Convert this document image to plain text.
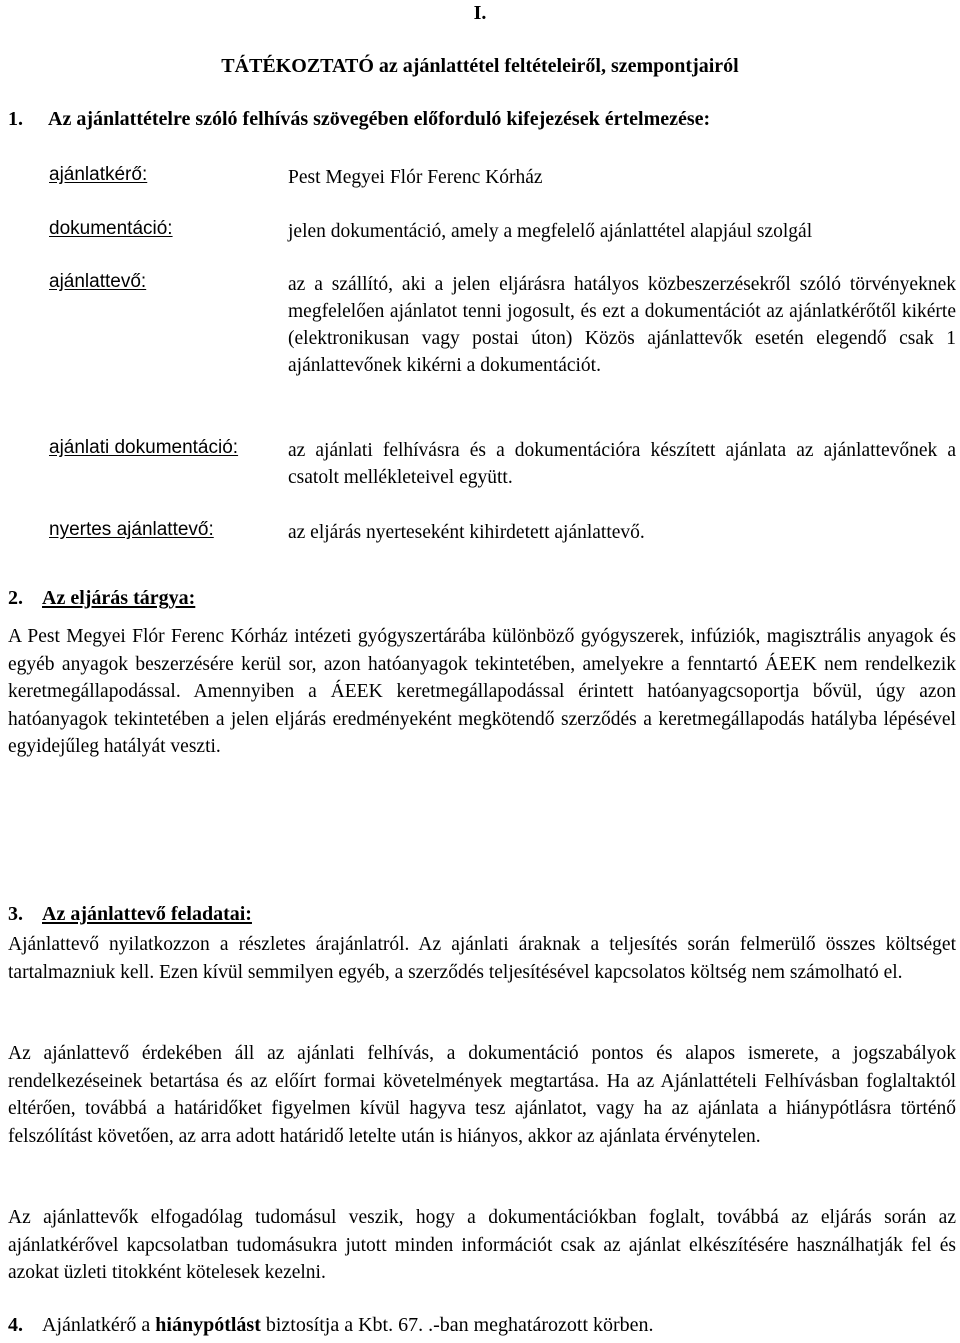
I.
TÁTÉKOZTATÓ az ajánlattétel feltételeiről, szempontjairól
1. Az ajánlattételre szóló felhívás szövegében előforduló kifejezések értelmezése:
ajánlatkérő:	Pest Megyei Flór Ferenc Kórház
dokumentáció:	jelen dokumentáció, amely a megfelelő ajánlattétel alapjául szolgál
ajánlattevő:	az a szállító, aki a jelen eljárásra hatályos közbeszerzésekről szóló törvényeknek megfelelően ajánlatot tenni jogosult, és ezt a dokumentációt az ajánlatkérőtől kikérte (elektronikusan vagy postai úton) Közös ajánlattevők esetén elegendő csak 1 ajánlattevőnek kikérni a dokumentációt.
ajánlati dokumentáció:	az ajánlati felhívásra és a dokumentációra készített ajánlata az ajánlattevőnek a csatolt mellékleteivel együtt.
nyertes ajánlattevő:	az eljárás nyerteseként kihirdetett ajánlattevő.
2. Az eljárás tárgya:
A Pest Megyei Flór Ferenc Kórház intézeti gyógyszertárába különböző gyógyszerek, infúziók, magisztrális anyagok és egyéb anyagok beszerzésére kerül sor, azon hatóanyagok tekintetében, amelyekre a fenntartó ÁEEK nem rendelkezik keretmegállapodással. Amennyiben a ÁEEK keretmegállapodással érintett hatóanyagcsoportja bővül, úgy azon hatóanyagok tekintetében a jelen eljárás eredményeként megkötendő szerződés a keretmegállapodás hatályba lépésével egyidejűleg hatályát veszti.
3. Az ajánlattevő feladatai:
Ajánlattevő nyilatkozzon a részletes árajánlatról. Az ajánlati áraknak a teljesítés során felmerülő összes költséget tartalmazniuk kell. Ezen kívül semmilyen egyéb, a szerződés teljesítésével kapcsolatos költség nem számolható el.
Az ajánlattevő érdekében áll az ajánlati felhívás, a dokumentáció pontos és alapos ismerete, a jogszabályok rendelkezéseinek betartása és az előírt formai követelmények megtartása. Ha az Ajánlattételi Felhívásban foglaltaktól eltérően, továbbá a határidőket figyelmen kívül hagyva tesz ajánlatot, vagy ha az ajánlata a hiánypótlásra történő felszólítást követően, az arra adott határidő letelte után is hiányos, akkor az ajánlata érvénytelen.
Az ajánlattevők elfogadólag tudomásul veszik, hogy a dokumentációkban foglalt, továbbá az eljárás során az ajánlatkérővel kapcsolatban tudomásukra jutott minden információt csak az ajánlat elkészítésére használhatják fel és azokat üzleti titokként kötelesek kezelni.
4. Ajánlatkérő a hiánypótlást biztosítja a Kbt. 67. .-ban meghatározott körben.
